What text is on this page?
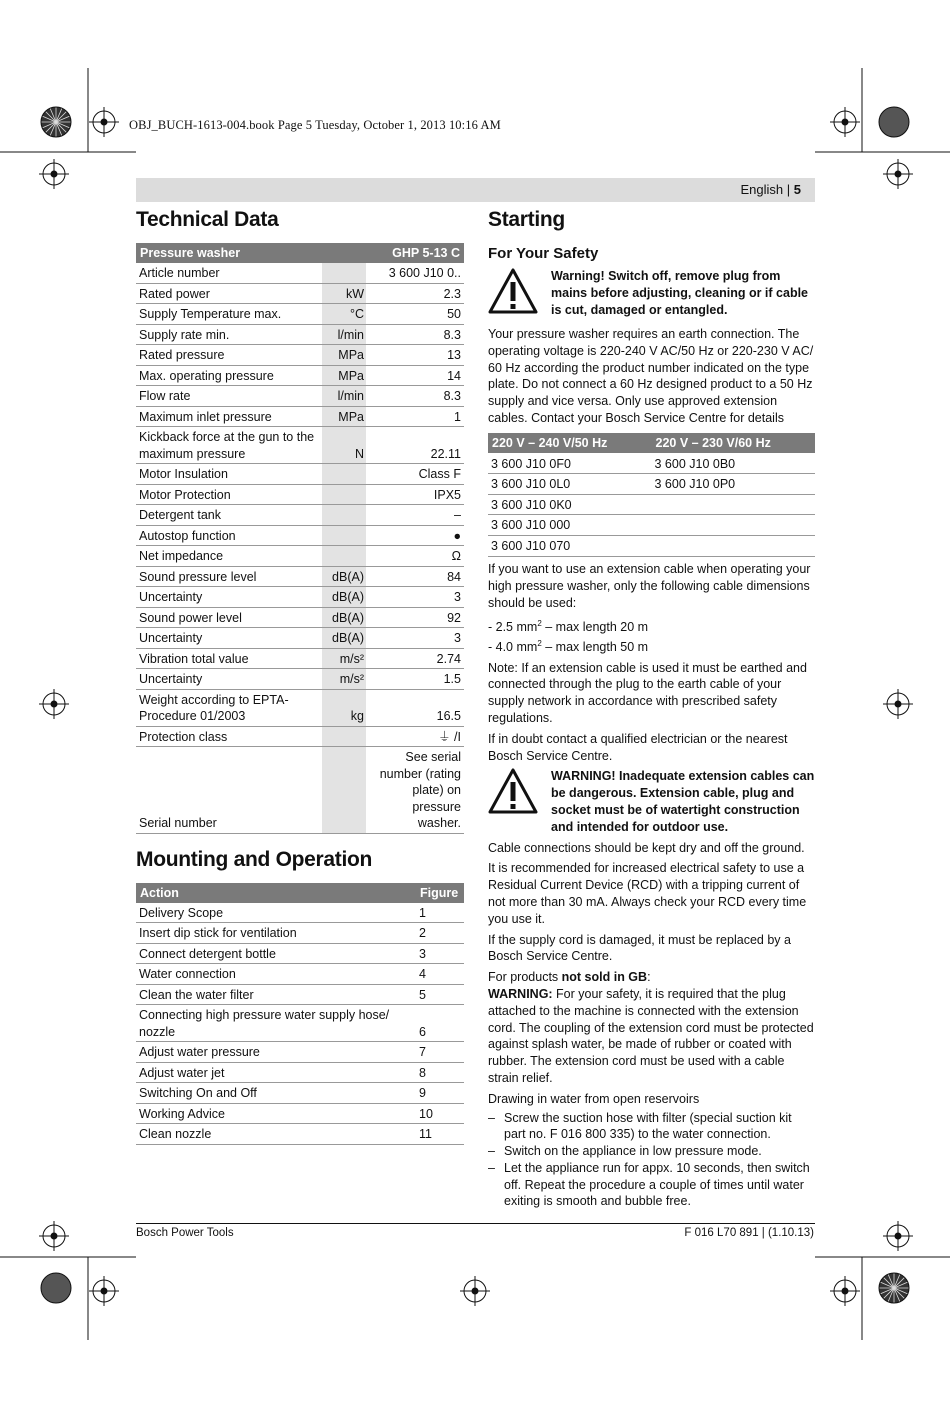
OBJ_BUCH-1613-004.book Page 5 Tuesday, October 1, 2013 10:16 AM
English | 5
Technical Data
Pressure washer		GHP 5-13 C
Article number		3 600 J10 0..
Rated power	kW	2.3
Supply Temperature max.	°C	50
Supply rate min.	l/min	8.3
Rated pressure	MPa	13
Max. operating pressure	MPa	14
Flow rate	l/min	8.3
Maximum inlet pressure	MPa	1
Kickback force at the gun to the maximum pressure	N	22.11
Motor Insulation		Class F
Motor Protection		IPX5
Detergent tank		–
Autostop function		●
Net impedance		Ω
Sound pressure level	dB(A)	84
Uncertainty	dB(A)	3
Sound power level	dB(A)	92
Uncertainty	dB(A)	3
Vibration total value	m/s²	2.74
Uncertainty	m/s²	1.5
Weight according to EPTA-Procedure 01/2003	kg	16.5
Protection class		⏚ /I
Serial number		See serial number (rating plate) on pressure washer.
Mounting and Operation
Action	Figure
Delivery Scope	1
Insert dip stick for ventilation	2
Connect detergent bottle	3
Water connection	4
Clean the water filter	5
Connecting high pressure water supply hose/ nozzle	6
Adjust water pressure	7
Adjust water jet	8
Switching On and Off	9
Working Advice	10
Clean nozzle	11
Starting
For Your Safety
Warning! Switch off, remove plug from mains before adjusting, cleaning or if cable is cut, damaged or entangled.

Your pressure washer requires an earth connection. The operating voltage is 220-240 V AC/50 Hz or 220-230 V AC/ 60 Hz according the product number indicated on the type plate. Do not connect a 60 Hz designed product to a 50 Hz supply and vice versa. Only use approved extension cables. Contact your Bosch Service Centre for details

220 V – 240 V/50 Hz	220 V – 230 V/60 Hz
3 600 J10 0F0	3 600 J10 0B0
3 600 J10 0L0	3 600 J10 0P0
3 600 J10 0K0	
3 600 J10 000	
3 600 J10 070	

If you want to use an extension cable when operating your high pressure washer, only the following cable dimensions should be used:

- 2.5 $mm^2$ – max length 20 m

- 4.0 $mm^2$ – max length 50 m

Note: If an extension cable is used it must be earthed and connected through the plug to the earth cable of your supply network in accordance with prescribed safety regulations.

If in doubt contact a qualified electrician or the nearest Bosch Service Centre.

WARNING! Inadequate extension cables can be dangerous. Extension cable, plug and socket must be of watertight construction and intended for outdoor use.

Cable connections should be kept dry and off the ground.

It is recommended for increased electrical safety to use a Residual Current Device (RCD) with a tripping current of not more than 30 mA. Always check your RCD every time you use it.

If the supply cord is damaged, it must be replaced by a Bosch Service Centre.

For products not sold in GB:

WARNING: For your safety, it is required that the plug attached to the machine is connected with the extension cord. The coupling of the extension cord must be protected against splash water, be made of rubber or coated with rubber. The extension cord must be used with a cable strain relief.

Drawing in water from open reservoirs

– Screw the suction hose with filter (special suction kit part no. F 016 800 335) to the water connection.
– Switch on the appliance in low pressure mode.
– Let the appliance run for appx. 10 seconds, then switch off. Repeat the procedure a couple of times until water exiting is smooth and bubble free.
Bosch Power Tools	F 016 L70 891 | (1.10.13)
